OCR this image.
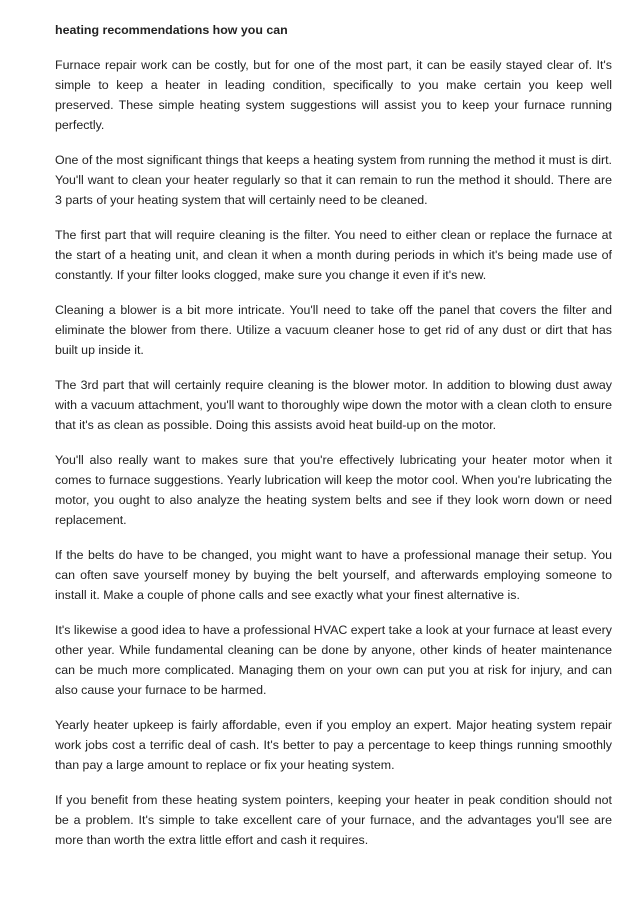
heating recommendations how you can

Furnace repair work can be costly, but for one of the most part, it can be easily stayed clear of. It's simple to keep a heater in leading condition, specifically to you make certain you keep well preserved. These simple heating system suggestions will assist you to keep your furnace running perfectly.

One of the most significant things that keeps a heating system from running the method it must is dirt. You'll want to clean your heater regularly so that it can remain to run the method it should. There are 3 parts of your heating system that will certainly need to be cleaned.

The first part that will require cleaning is the filter. You need to either clean or replace the furnace at the start of a heating unit, and clean it when a month during periods in which it's being made use of constantly. If your filter looks clogged, make sure you change it even if it's new.

Cleaning a blower is a bit more intricate. You'll need to take off the panel that covers the filter and eliminate the blower from there. Utilize a vacuum cleaner hose to get rid of any dust or dirt that has built up inside it.

The 3rd part that will certainly require cleaning is the blower motor. In addition to blowing dust away with a vacuum attachment, you'll want to thoroughly wipe down the motor with a clean cloth to ensure that it's as clean as possible. Doing this assists avoid heat build-up on the motor.

You'll also really want to makes sure that you're effectively lubricating your heater motor when it comes to furnace suggestions. Yearly lubrication will keep the motor cool. When you're lubricating the motor, you ought to also analyze the heating system belts and see if they look worn down or need replacement.

If the belts do have to be changed, you might want to have a professional manage their setup. You can often save yourself money by buying the belt yourself, and afterwards employing someone to install it. Make a couple of phone calls and see exactly what your finest alternative is.

It's likewise a good idea to have a professional HVAC expert take a look at your furnace at least every other year. While fundamental cleaning can be done by anyone, other kinds of heater maintenance can be much more complicated. Managing them on your own can put you at risk for injury, and can also cause your furnace to be harmed.

Yearly heater upkeep is fairly affordable, even if you employ an expert. Major heating system repair work jobs cost a terrific deal of cash. It's better to pay a percentage to keep things running smoothly than pay a large amount to replace or fix your heating system.

If you benefit from these heating system pointers, keeping your heater in peak condition should not be a problem. It's simple to take excellent care of your furnace, and the advantages you'll see are more than worth the extra little effort and cash it requires.
